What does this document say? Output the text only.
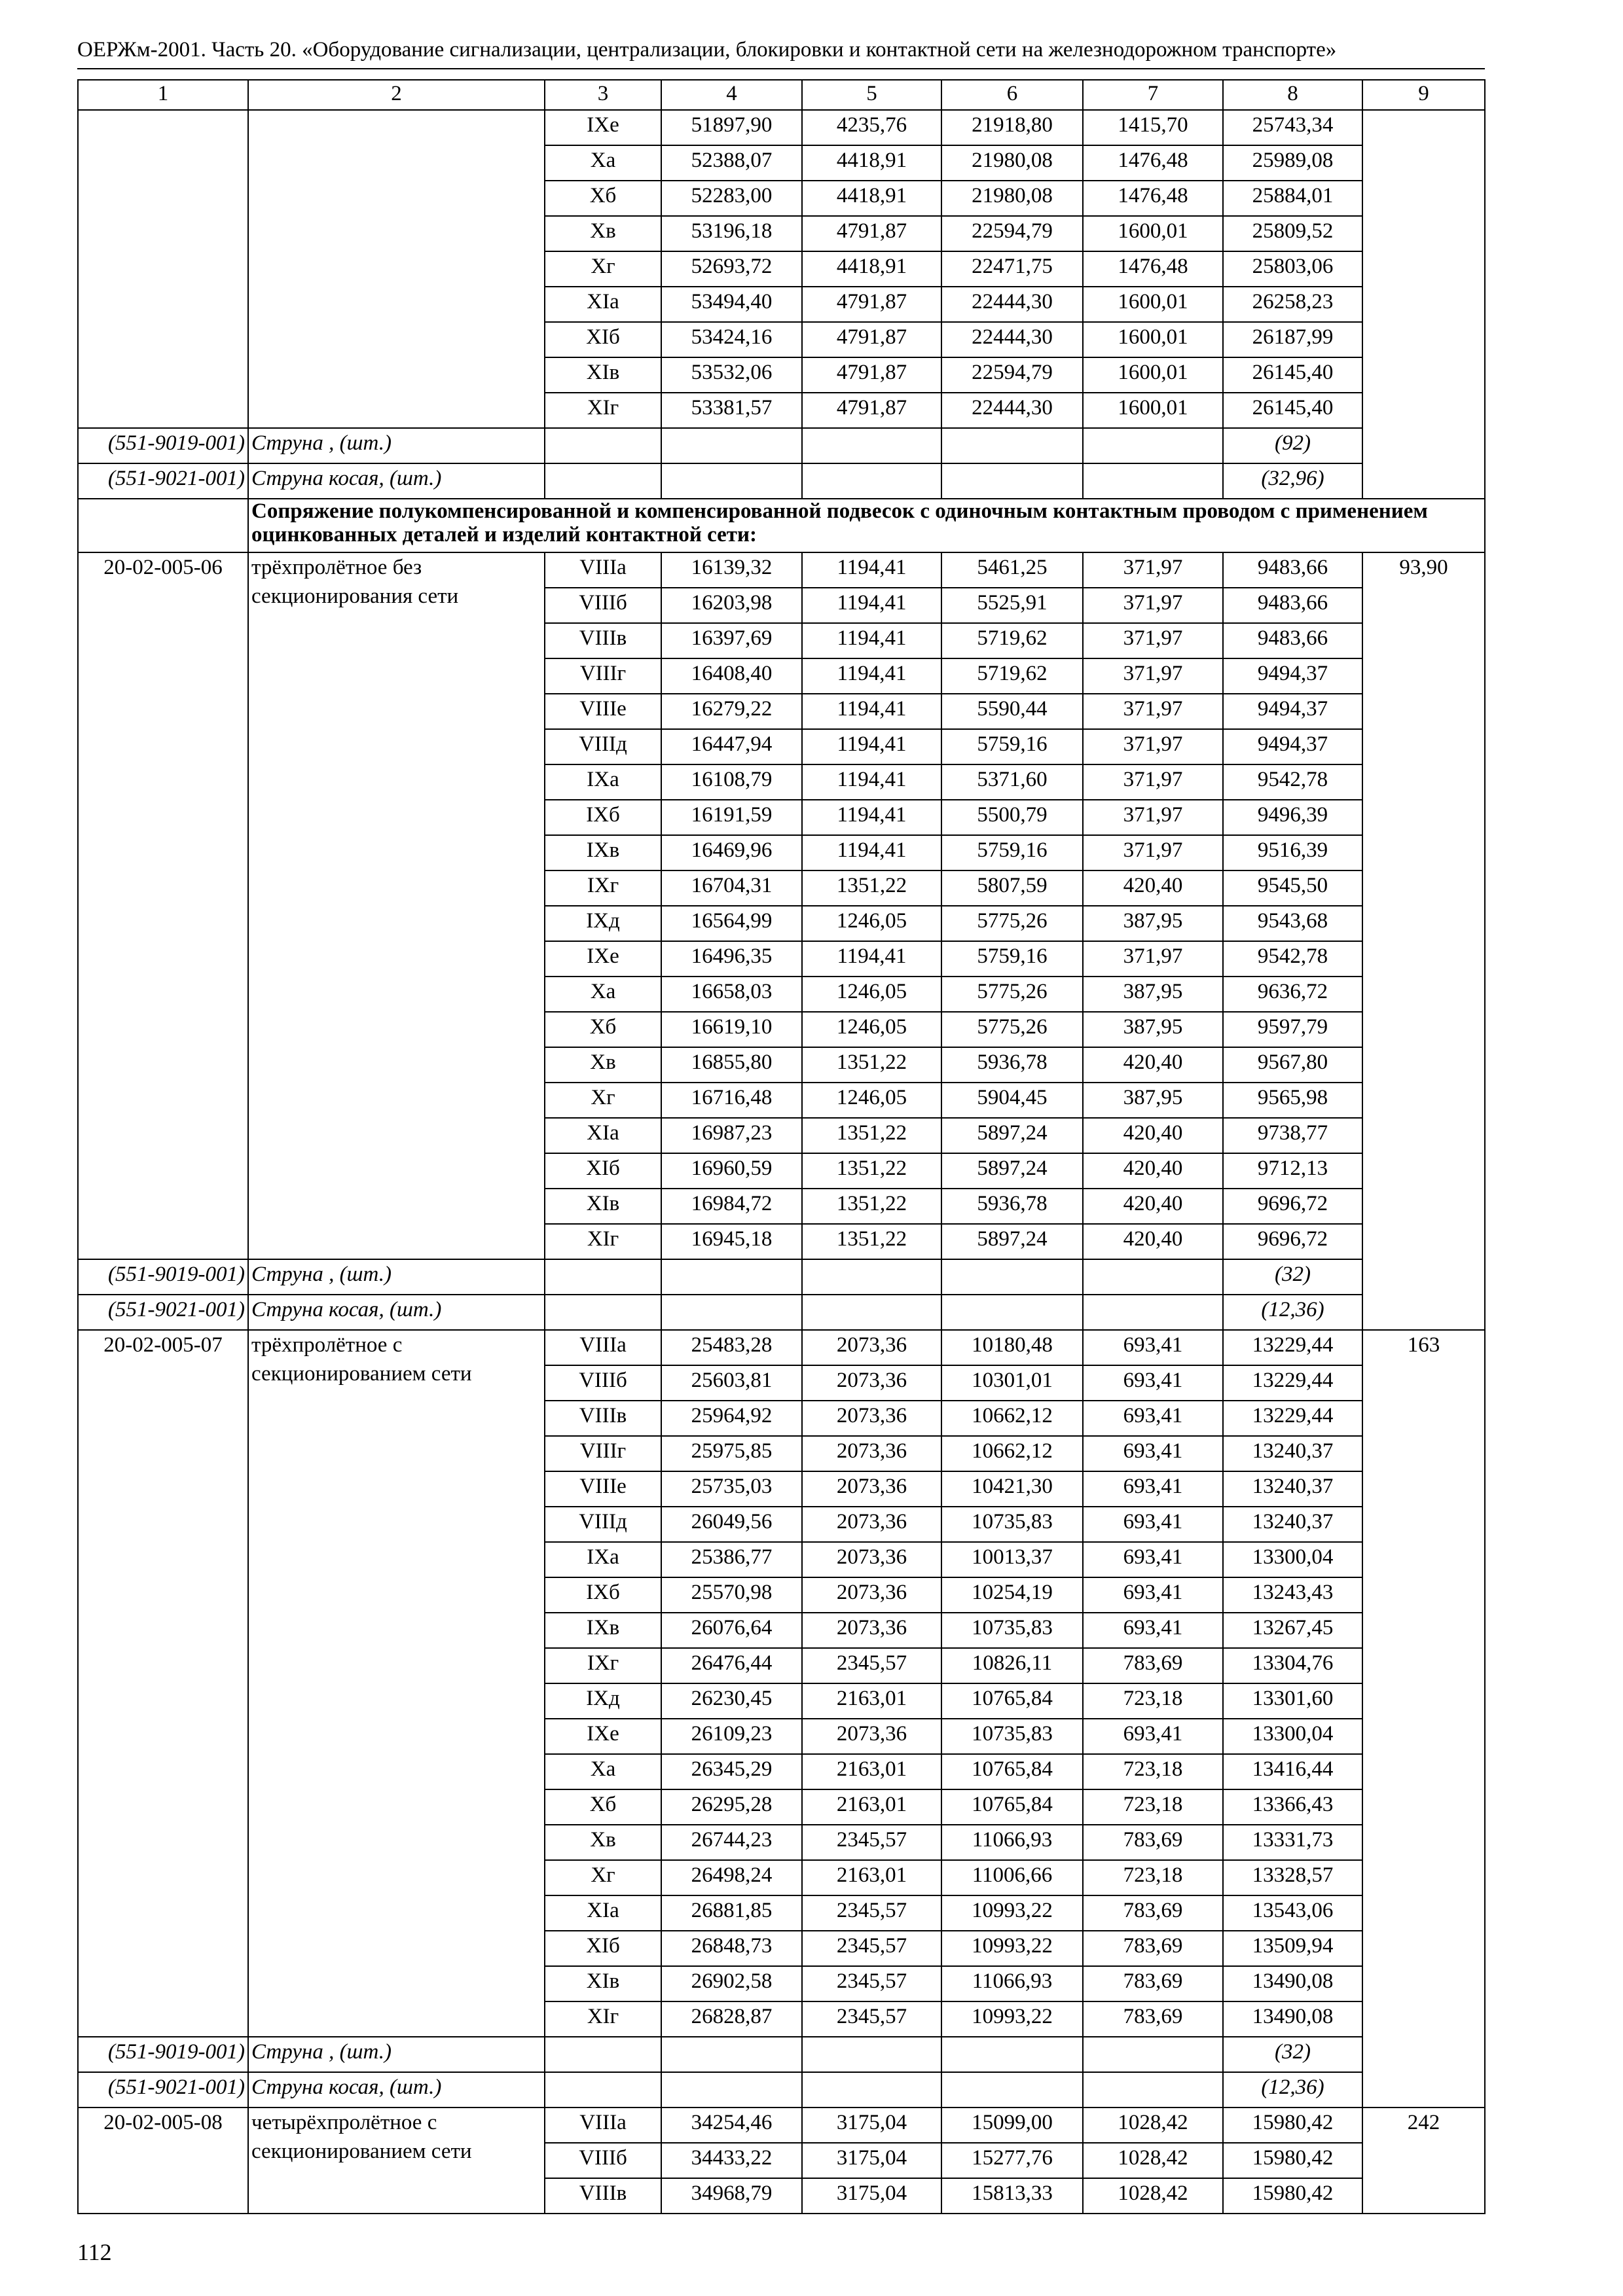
ОЕРЖм-2001. Часть 20. «Оборудование сигнализации, централизации, блокировки и контактной сети на железнодорожном транспорте»
1	2	3	4	5	6	7	8	9
		IXе	51897,90	4235,76	21918,80	1415,70	25743,34	
		Xа	52388,07	4418,91	21980,08	1476,48	25989,08	
		Xб	52283,00	4418,91	21980,08	1476,48	25884,01	
		Xв	53196,18	4791,87	22594,79	1600,01	25809,52	
		Xг	52693,72	4418,91	22471,75	1476,48	25803,06	
		XIа	53494,40	4791,87	22444,30	1600,01	26258,23	
		XIб	53424,16	4791,87	22444,30	1600,01	26187,99	
		XIв	53532,06	4791,87	22594,79	1600,01	26145,40	
		XIг	53381,57	4791,87	22444,30	1600,01	26145,40	
(551-9019-001)	Струна , (шт.)						(92)	
(551-9021-001)	Струна косая, (шт.)						(32,96)	
	Сопряжение полукомпенсированной и компенсированной подвесок с одиночным контактным проводом с применением оцинкованных деталей и изделий контактной сети:							
20-02-005-06	трёхпролётное без секционирования сети	VIIIа	16139,32	1194,41	5461,25	371,97	9483,66	93,90
		VIIIб	16203,98	1194,41	5525,91	371,97	9483,66	
		VIIIв	16397,69	1194,41	5719,62	371,97	9483,66	
		VIIIг	16408,40	1194,41	5719,62	371,97	9494,37	
		VIIIе	16279,22	1194,41	5590,44	371,97	9494,37	
		VIIIд	16447,94	1194,41	5759,16	371,97	9494,37	
		IXа	16108,79	1194,41	5371,60	371,97	9542,78	
		IXб	16191,59	1194,41	5500,79	371,97	9496,39	
		IXв	16469,96	1194,41	5759,16	371,97	9516,39	
		IXг	16704,31	1351,22	5807,59	420,40	9545,50	
		IXд	16564,99	1246,05	5775,26	387,95	9543,68	
		IXе	16496,35	1194,41	5759,16	371,97	9542,78	
		Xа	16658,03	1246,05	5775,26	387,95	9636,72	
		Xб	16619,10	1246,05	5775,26	387,95	9597,79	
		Xв	16855,80	1351,22	5936,78	420,40	9567,80	
		Xг	16716,48	1246,05	5904,45	387,95	9565,98	
		XIа	16987,23	1351,22	5897,24	420,40	9738,77	
		XIб	16960,59	1351,22	5897,24	420,40	9712,13	
		XIв	16984,72	1351,22	5936,78	420,40	9696,72	
		XIг	16945,18	1351,22	5897,24	420,40	9696,72	
(551-9019-001)	Струна , (шт.)						(32)	
(551-9021-001)	Струна косая, (шт.)						(12,36)	
20-02-005-07	трёхпролётное с секционированием сети	VIIIа	25483,28	2073,36	10180,48	693,41	13229,44	163
		VIIIб	25603,81	2073,36	10301,01	693,41	13229,44	
		VIIIв	25964,92	2073,36	10662,12	693,41	13229,44	
		VIIIг	25975,85	2073,36	10662,12	693,41	13240,37	
		VIIIе	25735,03	2073,36	10421,30	693,41	13240,37	
		VIIIд	26049,56	2073,36	10735,83	693,41	13240,37	
		IXа	25386,77	2073,36	10013,37	693,41	13300,04	
		IXб	25570,98	2073,36	10254,19	693,41	13243,43	
		IXв	26076,64	2073,36	10735,83	693,41	13267,45	
		IXг	26476,44	2345,57	10826,11	783,69	13304,76	
		IXд	26230,45	2163,01	10765,84	723,18	13301,60	
		IXе	26109,23	2073,36	10735,83	693,41	13300,04	
		Xа	26345,29	2163,01	10765,84	723,18	13416,44	
		Xб	26295,28	2163,01	10765,84	723,18	13366,43	
		Xв	26744,23	2345,57	11066,93	783,69	13331,73	
		Xг	26498,24	2163,01	11006,66	723,18	13328,57	
		XIа	26881,85	2345,57	10993,22	783,69	13543,06	
		XIб	26848,73	2345,57	10993,22	783,69	13509,94	
		XIв	26902,58	2345,57	11066,93	783,69	13490,08	
		XIг	26828,87	2345,57	10993,22	783,69	13490,08	
(551-9019-001)	Струна , (шт.)						(32)	
(551-9021-001)	Струна косая, (шт.)						(12,36)	
20-02-005-08	четырёхпролётное с секционированием сети	VIIIа	34254,46	3175,04	15099,00	1028,42	15980,42	242
		VIIIб	34433,22	3175,04	15277,76	1028,42	15980,42	
		VIIIв	34968,79	3175,04	15813,33	1028,42	15980,42	
112
